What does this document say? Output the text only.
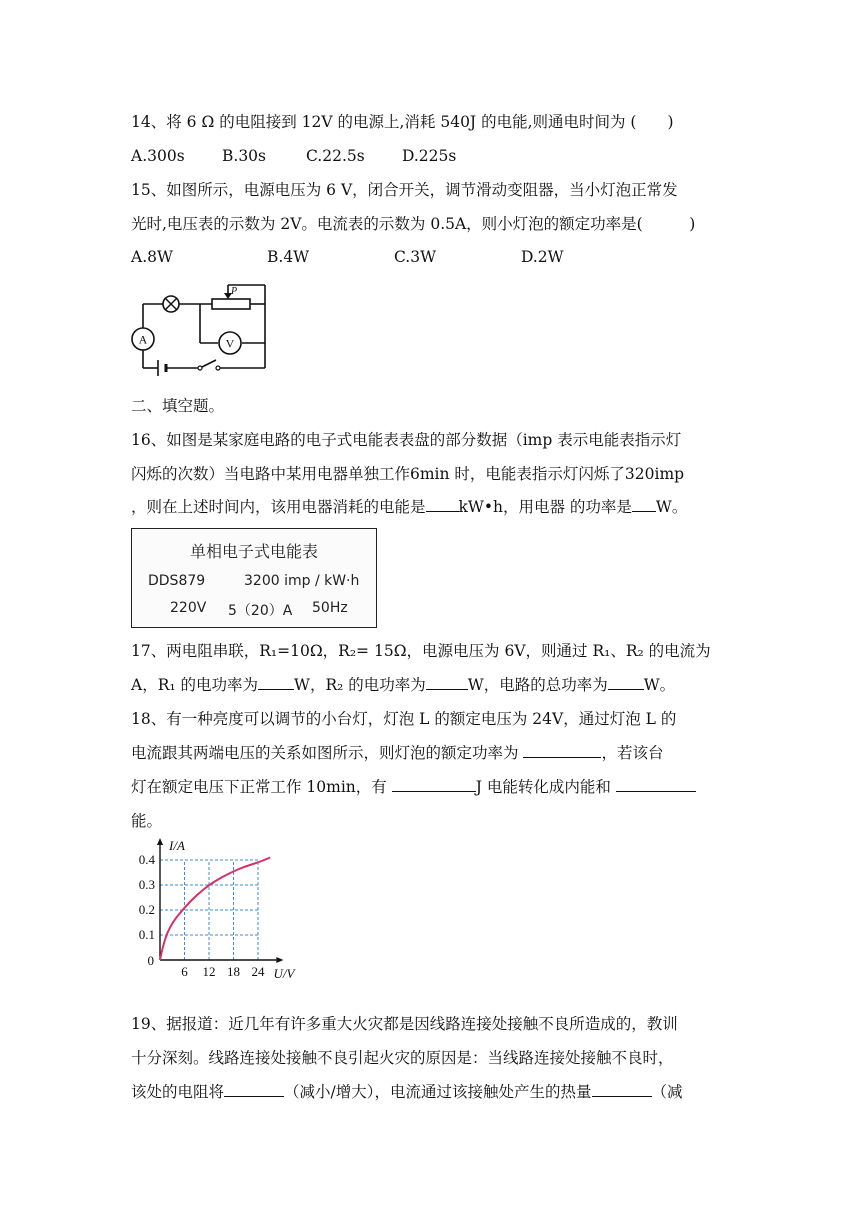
14、将 6 Ω 的电阻接到 12V 的电源上,消耗 540J 的电能,则通电时间为 (　　)
A.300s B.30s	C.22.5s D.225s
15、如图所示，电源电压为 6 V，闭合开关，调节滑动变阻器，当小灯泡正常发
光时,电压表的示数为 2V。电流表的示数为 0.5A，则小灯泡的额定功率是(　　　)
A.8W	B.4W	C.3W	D.2W
P
A	V
二、填空题。
16、如图是某家庭电路的电子式电能表表盘的部分数据（imp 表示电能表指示灯
闪烁的次数）当电路中某用电器单独工作6min 时，电能表指示灯闪烁了320imp
，则在上述时间内，该用电器消耗的电能是 kW•h，用电器 的功率是 W。
单相电子式电能表
DDS879	3200 imp / kW·h
220V 5（20）A 50Hz
17、两电阻串联，R₁=10Ω，R₂= 15Ω，电源电压为 6V，则通过 R₁、R₂ 的电流为
A，R₁ 的电功率为 W，R₂ 的电功率为	W，电路的总功率为 W。
18、有一种亮度可以调节的小台灯，灯泡 L 的额定电压为 24V，通过灯泡 L 的
电流跟其两端电压的关系如图所示，则灯泡的额定功率为	，若该台
灯在额定电压下正常工作 10min，有	J 电能转化成内能和
能。
6 12 18 24
0.1
0.2
0.3
0.4
0
U/V
I/A
19、据报道：近几年有许多重大火灾都是因线路连接处接触不良所造成的，教训
十分深刻。线路连接处接触不良引起火灾的原因是：当线路连接处接触不良时，
该处的电阻将	（减小/增大），电流通过该接触处产生的热量	（减
